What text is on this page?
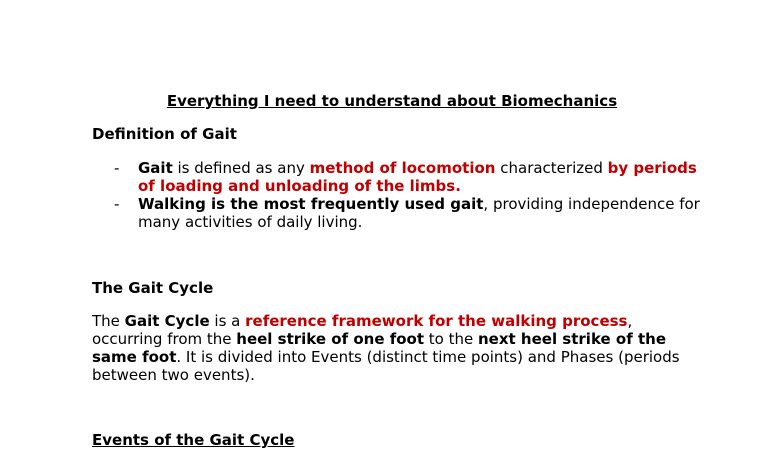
Everything I need to understand about Biomechanics
Definition of Gait
- Gait is defined as any method of locomotion characterized by periods of loading and unloading of the limbs.
- Walking is the most frequently used gait, providing independence for many activities of daily living.
The Gait Cycle

The Gait Cycle is a reference framework for the walking process, occurring from the heel strike of one foot to the next heel strike of the same foot. It is divided into Events (distinct time points) and Phases (periods between two events).

Events of the Gait Cycle
